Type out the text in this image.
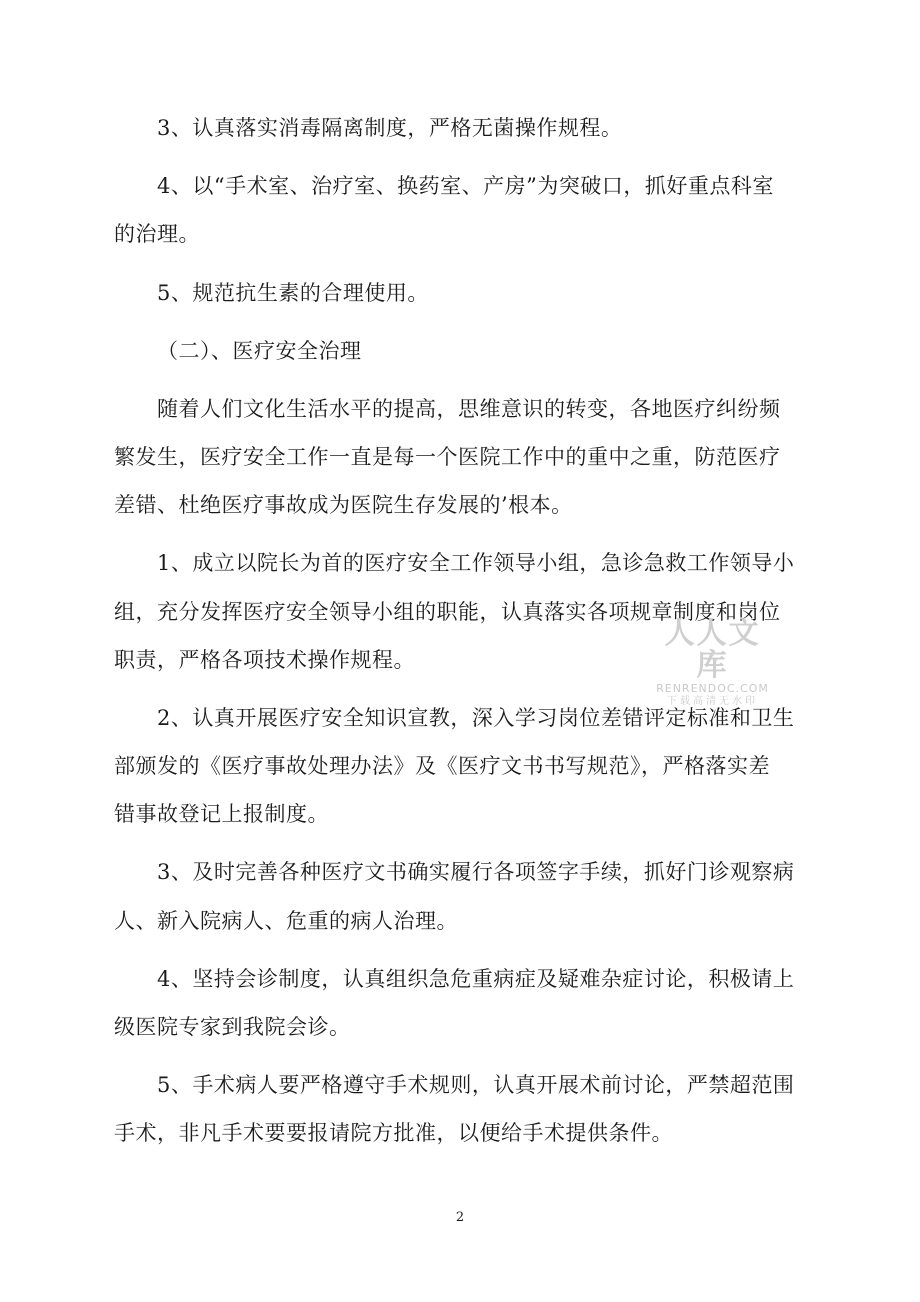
3、认真落实消毒隔离制度，严格无菌操作规程。
4、以“手术室、治疗室、换药室、产房”为突破口，抓好重点科室
的治理。
5、规范抗生素的合理使用。
（二）、医疗安全治理
随着人们文化生活水平的提高，思维意识的转变，各地医疗纠纷频
繁发生，医疗安全工作一直是每一个医院工作中的重中之重，防范医疗
差错、杜绝医疗事故成为医院生存发展的’根本。
1、成立以院长为首的医疗安全工作领导小组，急诊急救工作领导小
组，充分发挥医疗安全领导小组的职能，认真落实各项规章制度和岗位
职责，严格各项技术操作规程。
2、认真开展医疗安全知识宣教，深入学习岗位差错评定标准和卫生
部颁发的《医疗事故处理办法》及《医疗文书书写规范》，严格落实差
错事故登记上报制度。
3、及时完善各种医疗文书确实履行各项签字手续，抓好门诊观察病
人、新入院病人、危重的病人治理。
4、坚持会诊制度，认真组织急危重病症及疑难杂症讨论，积极请上
级医院专家到我院会诊。
5、手术病人要严格遵守手术规则，认真开展术前讨论，严禁超范围
手术，非凡手术要要报请院方批准，以便给手术提供条件。
人人文库
RENRENDOC.COM
下载高清无水印
2
